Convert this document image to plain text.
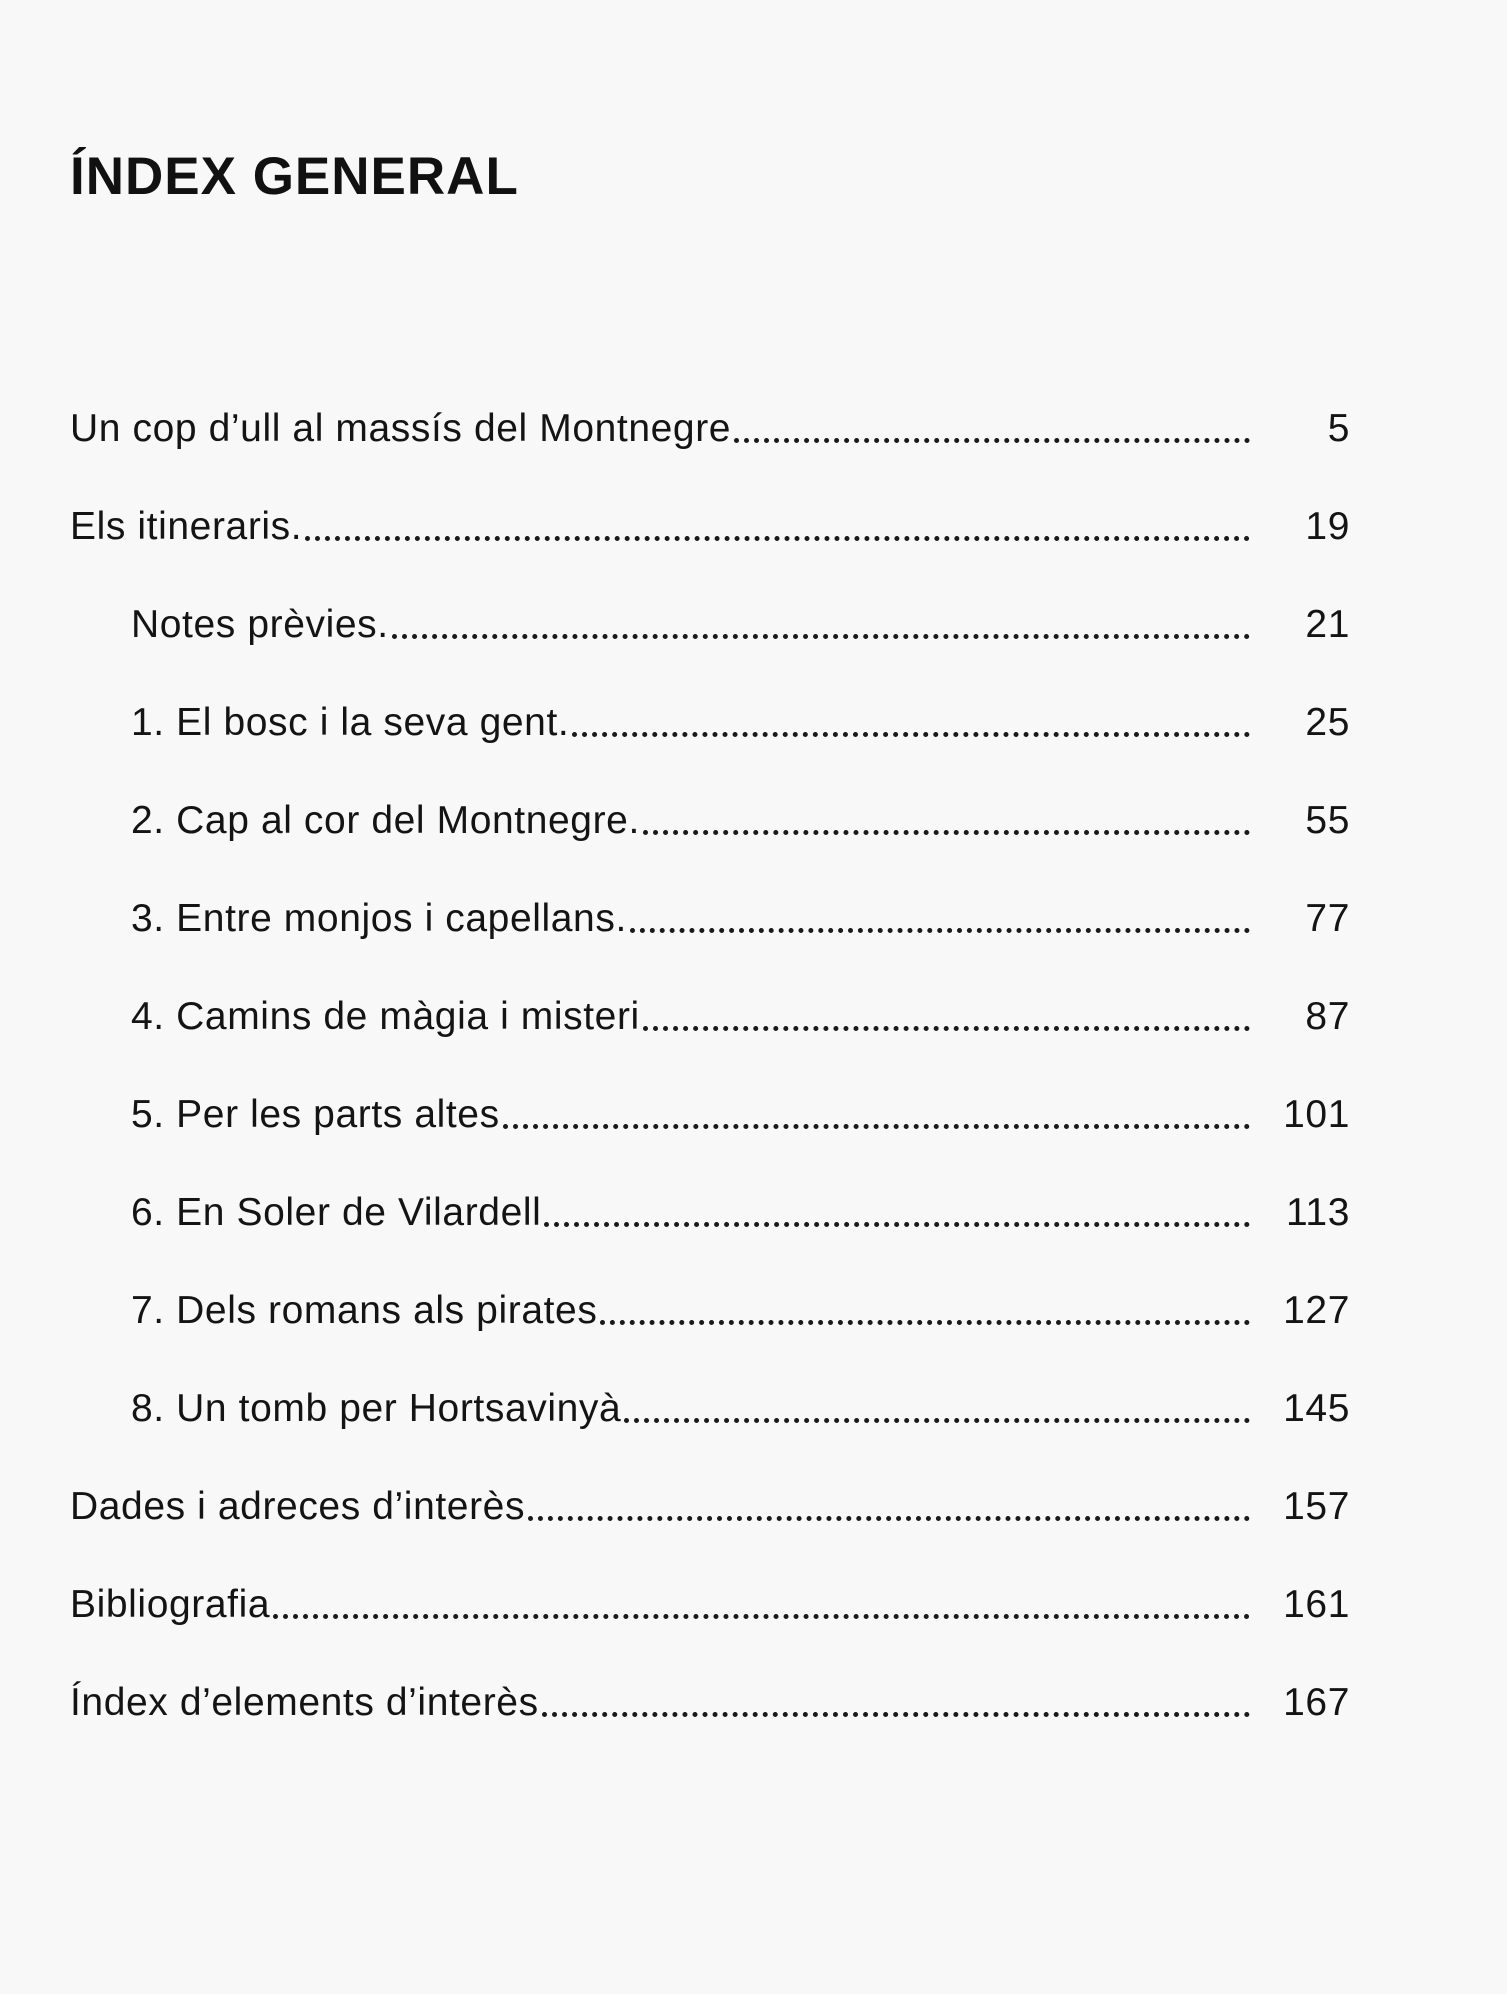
ÍNDEX GENERAL
Un cop d’ull al massís del Montnegre	5
Els itineraris.	19
Notes prèvies.	21
1. El bosc i la seva gent.	25
2. Cap al cor del Montnegre.	55
3. Entre monjos i capellans.	77
4. Camins de màgia i misteri	87
5. Per les parts altes	101
6. En Soler de Vilardell	113
7. Dels romans als pirates	127
8. Un tomb per Hortsavinyà	145
Dades i adreces d’interès	157
Bibliografia	161
Índex d’elements d’interès	167
